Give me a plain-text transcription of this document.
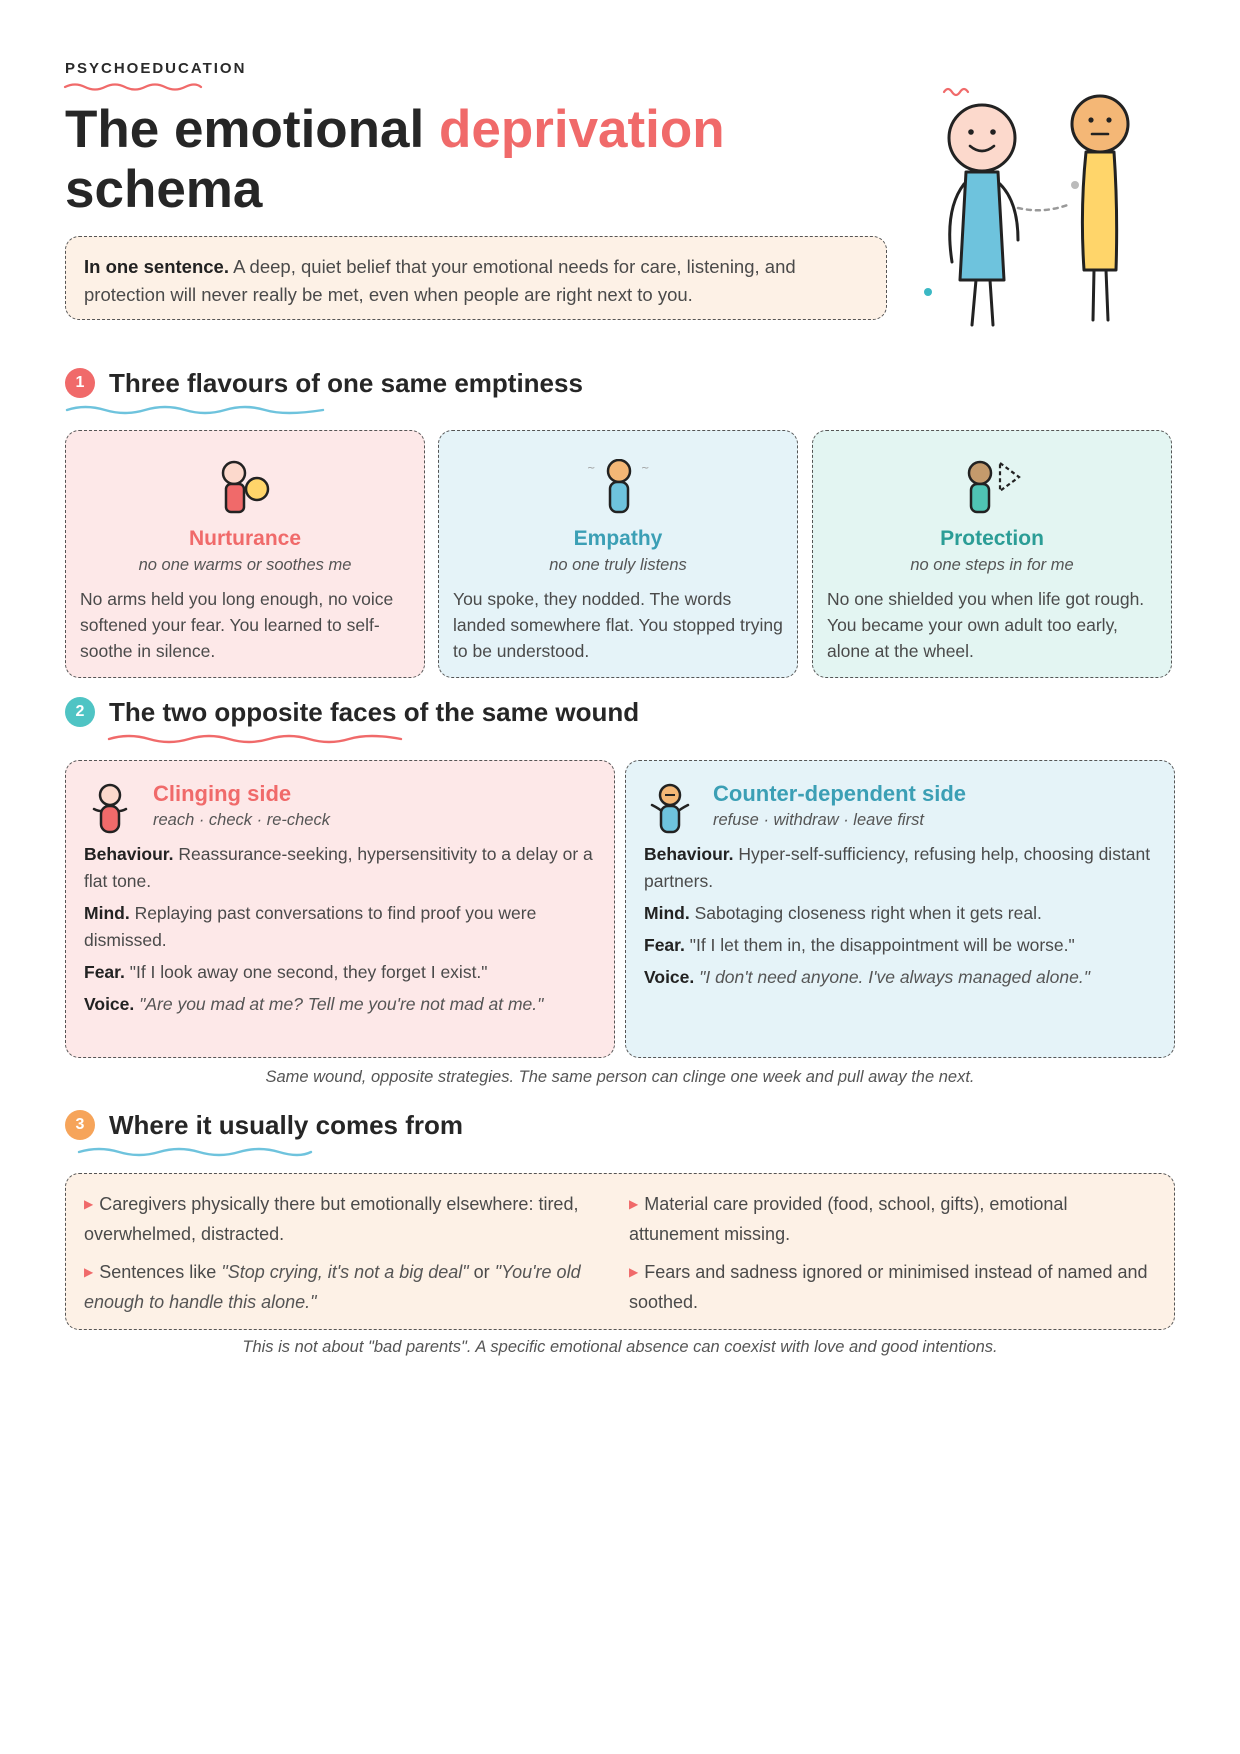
PSYCHOEDUCATION
The emotional deprivation
schema
In one sentence. A deep, quiet belief that your emotional needs for care, listening, and protection will never really be met, even when people are right next to you.
1 Three flavours of one same emptiness
Nurturance
no one warms or soothes me
No arms held you long enough, no voice softened your fear. You learned to self-soothe in silence.
~	~
Empathy
no one truly listens
You spoke, they nodded. The words landed somewhere flat. You stopped trying to be understood.
Protection
no one steps in for me
No one shielded you when life got rough. You became your own adult too early, alone at the wheel.
2 The two opposite faces of the same wound
Clinging side
reach · check · re-check
Behaviour. Reassurance-seeking, hypersensitivity to a delay or a flat tone.
Mind. Replaying past conversations to find proof you were dismissed.
Fear. "If I look away one second, they forget I exist."
Voice. "Are you mad at me? Tell me you're not mad at me."
Counter-dependent side
refuse · withdraw · leave first
Behaviour. Hyper-self-sufficiency, refusing help, choosing distant partners.
Mind. Sabotaging closeness right when it gets real.
Fear. "If I let them in, the disappointment will be worse."
Voice. "I don't need anyone. I've always managed alone."
Same wound, opposite strategies. The same person can clinge one week and pull away the next.
3 Where it usually comes from
▶ Caregivers physically there but emotionally elsewhere: tired, overwhelmed, distracted.
▶ Sentences like "Stop crying, it's not a big deal" or "You're old enough to handle this alone."
▶ Material care provided (food, school, gifts), emotional attunement missing.
▶ Fears and sadness ignored or minimised instead of named and soothed.
This is not about "bad parents". A specific emotional absence can coexist with love and good intentions.
